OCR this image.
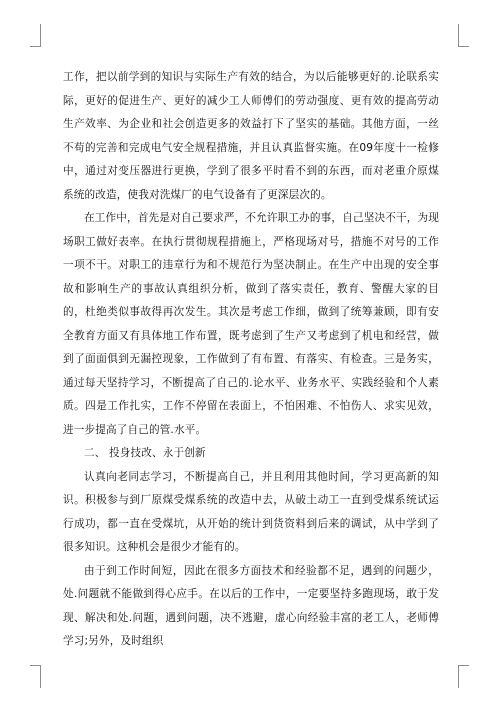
工作，把以前学到的知识与实际生产有效的结合，为以后能够更好的.论联系实际，更好的促进生产、更好的减少工人师傅们的劳动强度、更有效的提高劳动生产效率、为企业和社会创造更多的效益打下了坚实的基础。其他方面，一丝不苟的完善和完成电气安全规程措施，并且认真监督实施。在09年度十一检修中，通过对变压器进行更换，学到了很多平时看不到的东西，而对老重介原煤系统的改造，使我对洗煤厂的电气设备有了更深层次的。

在工作中，首先是对自己要求严，不允许职工办的事，自己坚决不干，为现场职工做好表率。在执行贯彻规程措施上，严格现场对号，措施不对号的工作一项不干。对职工的违章行为和不规范行为坚决制止。在生产中出现的安全事故和影响生产的事故认真组织分析，做到了落实责任，教育、警醒大家的目的，杜绝类似事故得再次发生。其次是考虑工作细，做到了统筹兼顾，即有安全教育方面又有具体地工作布置，既考虑到了生产又考虑到了机电和经营，做到了面面俱到无漏控现象，工作做到了有布置、有落实、有检查。三是务实，通过每天坚持学习，不断提高了自己的.论水平、业务水平、实践经验和个人素质。四是工作扎实，工作不停留在表面上，不怕困难、不怕伤人、求实见效，进一步提高了自己的管.水平。

二、 投身技改、永于创新

认真向老同志学习，不断提高自己，并且利用其他时间，学习更高新的知识。积极参与到厂原煤受煤系统的改造中去，从破土动工一直到受煤系统试运行成功，都一直在受煤坑，从开始的统计到货资料到后来的调试，从中学到了很多知识。这种机会是很少才能有的。

由于到工作时间短，因此在很多方面技术和经验都不足，遇到的问题少，处.问题就不能做到得心应手。在以后的工作中，一定要坚持多跑现场，敢于发现、解决和处.问题，遇到问题，决不逃避，虚心向经验丰富的老工人，老师傅学习;另外，及时组织
